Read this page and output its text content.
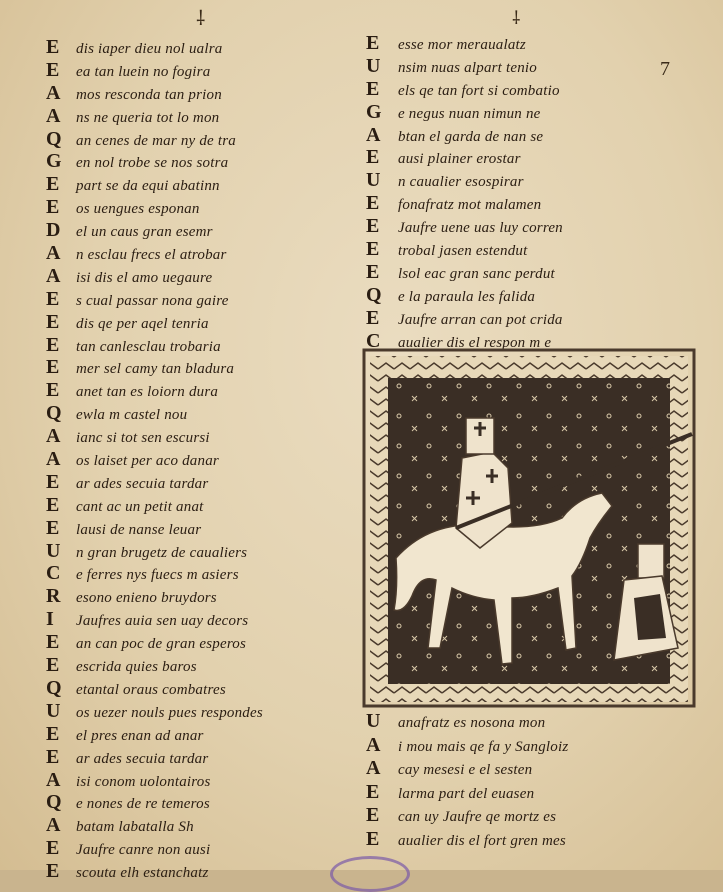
⸸	⸸
7
E dis iaper dieu nol ualra
E ea tan luein no fogira
A mos resconda tan prion
A ns ne queria tot lo mon
Q an cenes de mar ny de tra
G en nol trobe se nos sotra
E part se da equi abatinn
E os uengues esponan
D el un caus gran esemr
A n esclau frecs el atrobar
A isi dis el amo uegaure
E s cual passar nona gaire
E dis qe per aqel tenria
E tan canlesclau trobaria
E mer sel camy tan bladura
E anet tan es loiorn dura
Q ewla m castel nou
A ianc si tot sen escursi
A os laiset per aco danar
E ar ades secuia tardar
E cant ac un petit anat
E lausi de nanse leuar
U n gran brugetz de caualiers
C e ferres nys fuecs m asiers
R esono enieno bruydors
I Jaufres auia sen uay decors
E an can poc de gran esperos
E escrida quies baros
Q etantal oraus combatres
U os uezer nouls pues respondes
E el pres enan ad anar
E ar ades secuia tardar
A isi conom uolontairos
Q e nones de re temeros
A batam labatalla Sh
E Jaufre canre non ausi
E scouta elh estanchatz
E esse mor meraualatz
U nsim nuas alpart tenio
E els qe tan fort si combatio
G e negus nuan nimun ne
A btan el garda de nan se
E ausi plainer erostar
U n caualier esospirar
E fonafratz mot malamen
E Jaufre uene uas luy corren
E trobal jasen estendut
E lsol eac gran sanc perdut
Q e la paraula les falida
E Jaufre arran can pot crida
C aualier dis el respon m e
U anafratz es nosona mon
A i mou mais qe fa y Sangloiz
A cay mesesi e el sesten
E larma part del euasen
E can uy Jaufre qe mortz es
E aualier dis el fort gren mes
